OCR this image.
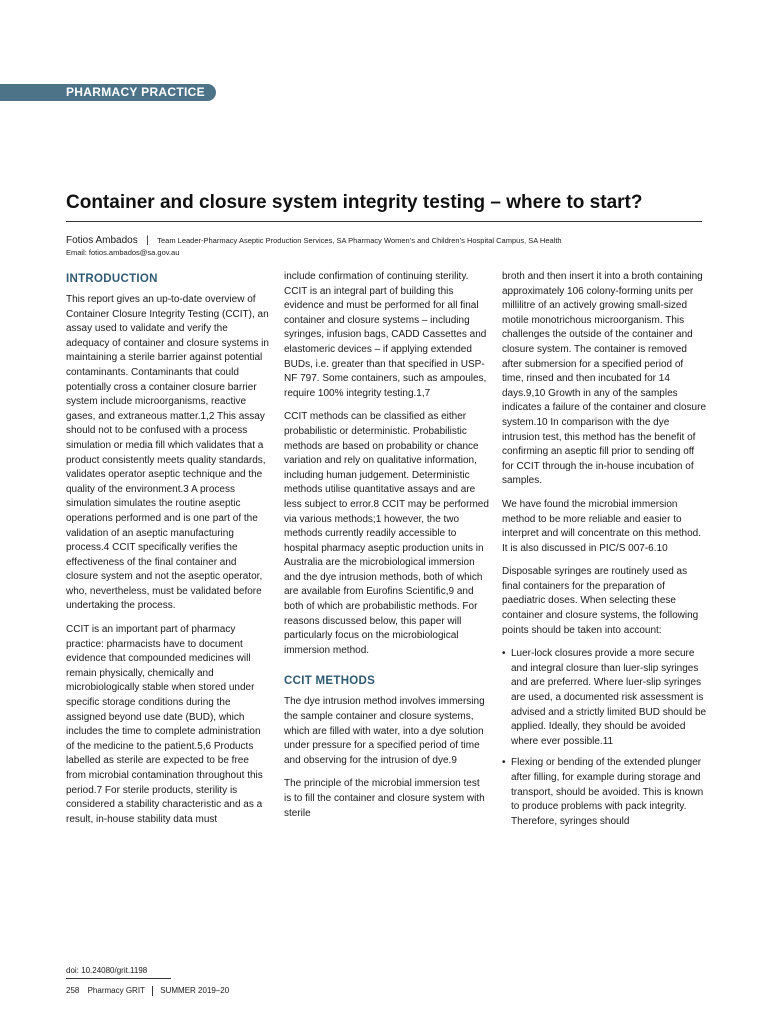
PHARMACY PRACTICE
Container and closure system integrity testing – where to start?
Fotios Ambados | Team Leader-Pharmacy Aseptic Production Services, SA Pharmacy Women’s and Children’s Hospital Campus, SA Health
Email: fotios.ambados@sa.gov.au
INTRODUCTION

This report gives an up-to-date overview of Container Closure Integrity Testing (CCIT), an assay used to validate and verify the adequacy of container and closure systems in maintaining a sterile barrier against potential contaminants. Contaminants that could potentially cross a container closure barrier system include microorganisms, reactive gases, and extraneous matter.1,2 This assay should not to be confused with a process simulation or media fill which validates that a product consistently meets quality standards, validates operator aseptic technique and the quality of the environment.3 A process simulation simulates the routine aseptic operations performed and is one part of the validation of an aseptic manufacturing process.4 CCIT specifically verifies the effectiveness of the final container and closure system and not the aseptic operator, who, nevertheless, must be validated before undertaking the process.

CCIT is an important part of pharmacy practice: pharmacists have to document evidence that compounded medicines will remain physically, chemically and microbiologically stable when stored under specific storage conditions during the assigned beyond use date (BUD), which includes the time to complete administration of the medicine to the patient.5,6 Products labelled as sterile are expected to be free from microbial contamination throughout this period.7 For sterile products, sterility is considered a stability characteristic and as a result, in-house stability data must

include confirmation of continuing sterility. CCIT is an integral part of building this evidence and must be performed for all final container and closure systems – including syringes, infusion bags, CADD Cassettes and elastomeric devices – if applying extended BUDs, i.e. greater than that specified in USP-NF 797. Some containers, such as ampoules, require 100% integrity testing.1,7

CCIT methods can be classified as either probabilistic or deterministic. Probabilistic methods are based on probability or chance variation and rely on qualitative information, including human judgement. Deterministic methods utilise quantitative assays and are less subject to error.8 CCIT may be performed via various methods;1 however, the two methods currently readily accessible to hospital pharmacy aseptic production units in Australia are the microbiological immersion and the dye intrusion methods, both of which are available from Eurofins Scientific,9 and both of which are probabilistic methods. For reasons discussed below, this paper will particularly focus on the microbiological immersion method.

CCIT METHODS

The dye intrusion method involves immersing the sample container and closure systems, which are filled with water, into a dye solution under pressure for a specified period of time and observing for the intrusion of dye.9

The principle of the microbial immersion test is to fill the container and closure system with sterile

broth and then insert it into a broth containing approximately 106 colony-forming units per millilitre of an actively growing small-sized motile monotrichous microorganism. This challenges the outside of the container and closure system. The container is removed after submersion for a specified period of time, rinsed and then incubated for 14 days.9,10 Growth in any of the samples indicates a failure of the container and closure system.10 In comparison with the dye intrusion test, this method has the benefit of confirming an aseptic fill prior to sending off for CCIT through the in-house incubation of samples.

We have found the microbial immersion method to be more reliable and easier to interpret and will concentrate on this method. It is also discussed in PIC/S 007-6.10

Disposable syringes are routinely used as final containers for the preparation of paediatric doses. When selecting these container and closure systems, the following points should be taken into account:

• Luer-lock closures provide a more secure and integral closure than luer-slip syringes and are preferred. Where luer-slip syringes are used, a documented risk assessment is advised and a strictly limited BUD should be applied. Ideally, they should be avoided where ever possible.11
• Flexing or bending of the extended plunger after filling, for example during storage and transport, should be avoided. This is known to produce problems with pack integrity. Therefore, syringes should
doi: 10.24080/grit.1198
258 Pharmacy GRIT SUMMER 2019–20
